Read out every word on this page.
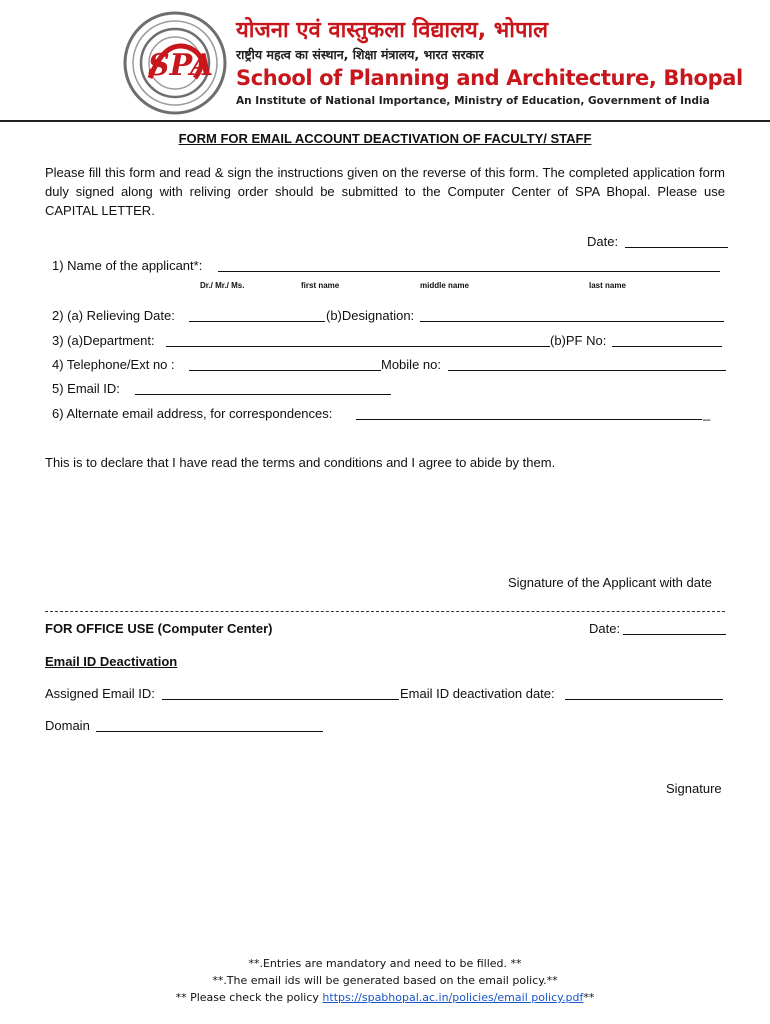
SPA
योजना एवं वास्तुकला विद्यालय, भोपाल
राष्ट्रीय महत्व का संस्थान, शिक्षा मंत्रालय, भारत सरकार
School of Planning and Architecture, Bhopal
An Institute of National Importance, Ministry of Education, Government of India
FORM FOR EMAIL ACCOUNT DEACTIVATION OF FACULTY/ STAFF
Please fill this form and read & sign the instructions given on the reverse of this form. The completed application form duly signed along with reliving order should be submitted to the Computer Center of SPA Bhopal. Please use CAPITAL LETTER.
Date:
1) Name of the applicant*:
Dr./ Mr./ Ms.	first name	middle name	last name
2) (a) Relieving Date:	(b)Designation:
3) (a)Department:	(b)PF No:
4) Telephone/Ext no :	Mobile no:
5) Email ID:
6) Alternate email address, for correspondences:	_
This is to declare that I have read the terms and conditions and I agree to abide by them.
Signature of the Applicant with date
FOR OFFICE USE (Computer Center)	Date:
Email ID Deactivation
Assigned Email ID:	Email ID deactivation date:
Domain
Signature
**.Entries are mandatory and need to be filled. **
**.The email ids will be generated based on the email policy.**
** Please check the policy https://spabhopal.ac.in/policies/email policy.pdf**
